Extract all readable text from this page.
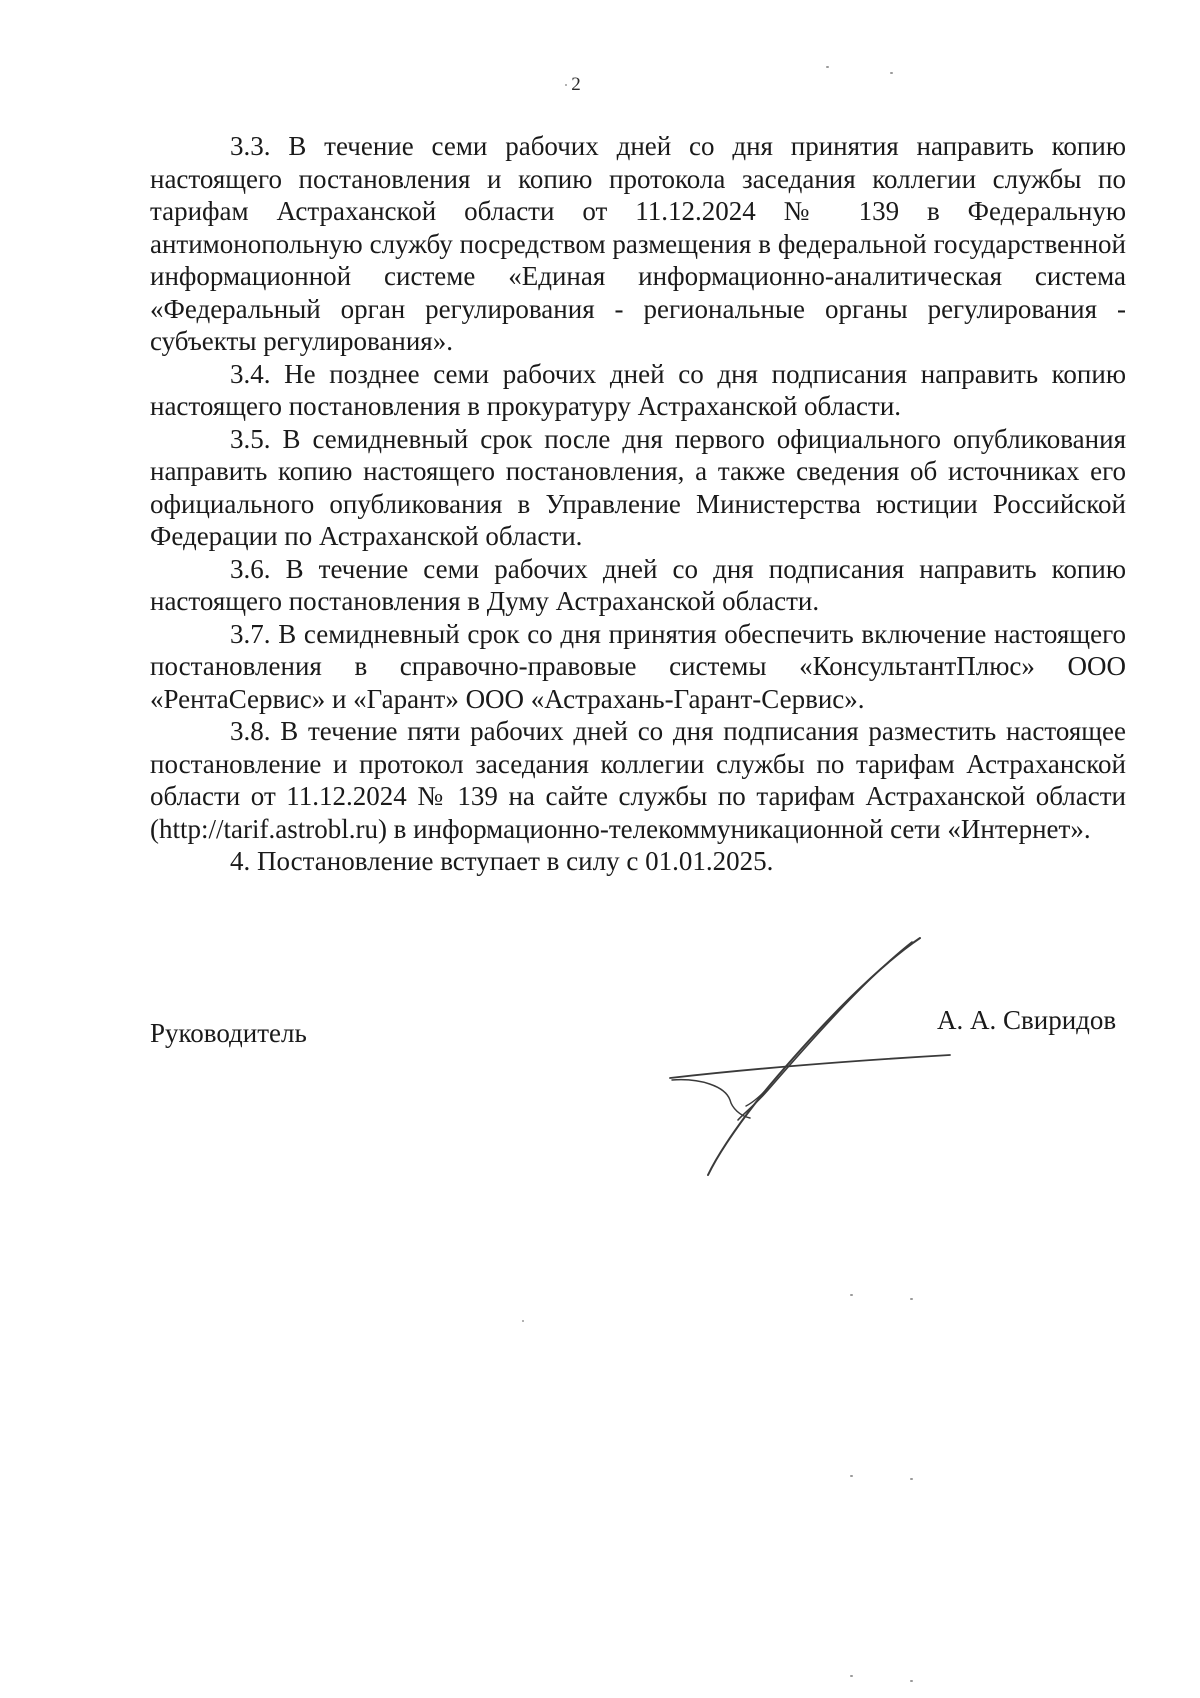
2

3.3. В течение семи рабочих дней со дня принятия направить копию настоящего постановления и копию протокола заседания коллегии службы по тарифам Астраханской области от 11.12.2024 № 139 в Федеральную антимонопольную службу посредством размещения в федеральной государственной информационной системе «Единая информационно-аналитическая система «Федеральный орган регулирования - региональные органы регулирования - субъекты регулирования».

3.4. Не позднее семи рабочих дней со дня подписания направить копию настоящего постановления в прокуратуру Астраханской области.

3.5. В семидневный срок после дня первого официального опубликования направить копию настоящего постановления, а также сведения об источниках его официального опубликования в Управление Министерства юстиции Российской Федерации по Астраханской области.

3.6. В течение семи рабочих дней со дня подписания направить копию настоящего постановления в Думу Астраханской области.

3.7. В семидневный срок со дня принятия обеспечить включение настоящего постановления в справочно-правовые системы «КонсультантПлюс» ООО «РентаСервис» и «Гарант» ООО «Астрахань-Гарант-Сервис».

3.8. В течение пяти рабочих дней со дня подписания разместить настоящее постановление и протокол заседания коллегии службы по тарифам Астраханской области от 11.12.2024 № 139 на сайте службы по тарифам Астраханской области (http://tarif.astrobl.ru) в информационно-телекоммуникационной сети «Интернет».

4. Постановление вступает в силу с 01.01.2025.

Руководитель	А. А. Свиридов
